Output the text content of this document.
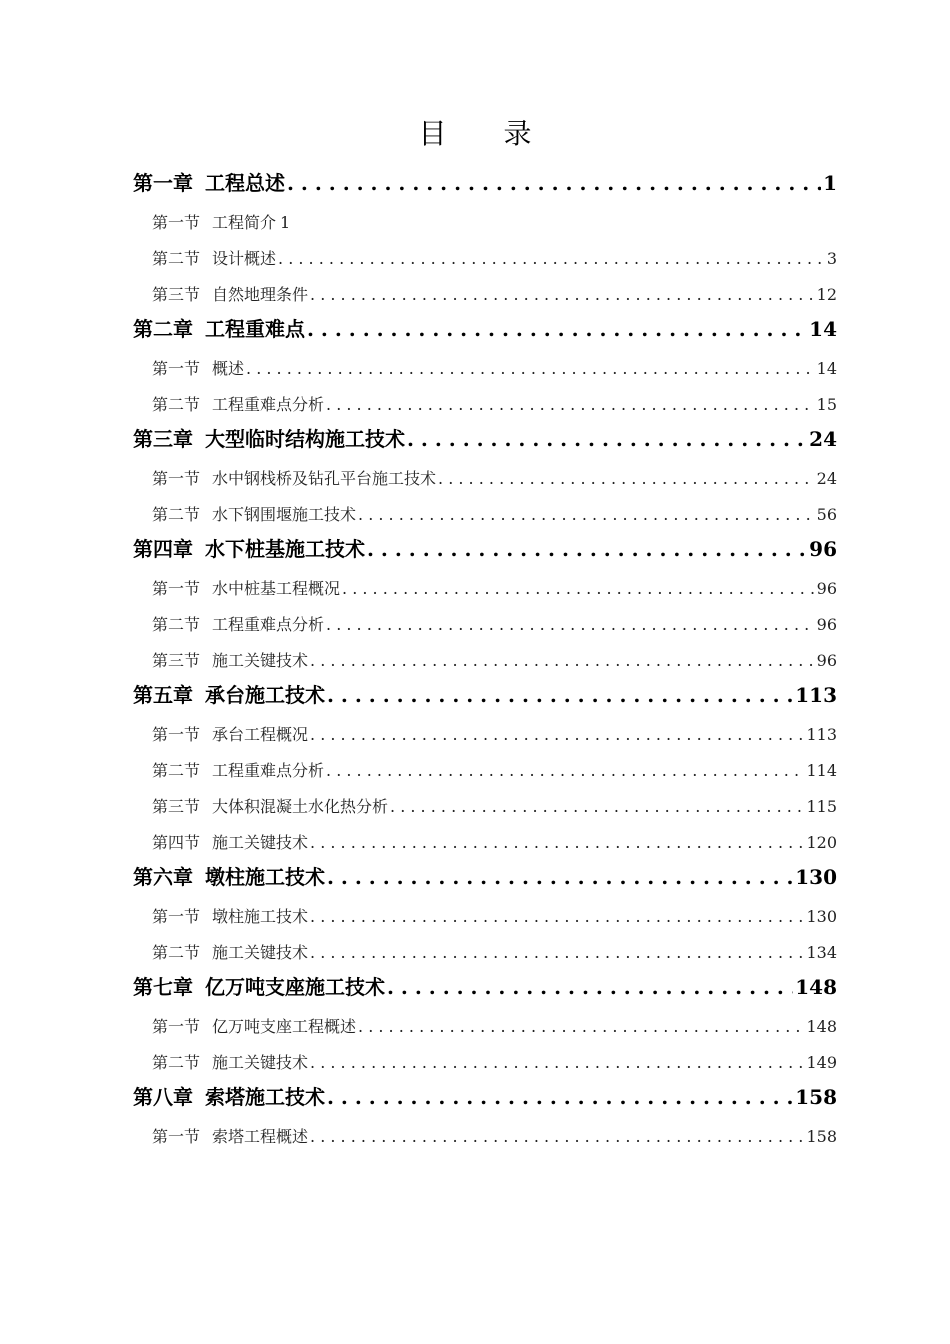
目 录
第一章 工程总述 . . .	1
第一节 工程简介 1
第二节 设计概述 . . .	3
第三节 自然地理条件 . . .	12
第二章 工程重难点 . . .	14
第一节 概述 . . .	14
第二节 工程重难点分析 . . .	15
第三章 大型临时结构施工技术 . . .	24
第一节 水中钢栈桥及钻孔平台施工技术 . . .	24
第二节 水下钢围堰施工技术 . . .	56
第四章 水下桩基施工技术 . . .	96
第一节 水中桩基工程概况 . . .	96
第二节 工程重难点分析 . . .	96
第三节 施工关键技术 . . .	96
第五章 承台施工技术 . . .	113
第一节 承台工程概况 . . .	113
第二节 工程重难点分析 . . .	114
第三节 大体积混凝土水化热分析 . . .	115
第四节 施工关键技术 . . .	120
第六章 墩柱施工技术 . . .	130
第一节 墩柱施工技术 . . .	130
第二节 施工关键技术 . . .	134
第七章 亿万吨支座施工技术 . . .	148
第一节 亿万吨支座工程概述 . . .	148
第二节 施工关键技术 . . .	149
第八章 索塔施工技术 . . .	158
第一节 索塔工程概述 . . .	158
